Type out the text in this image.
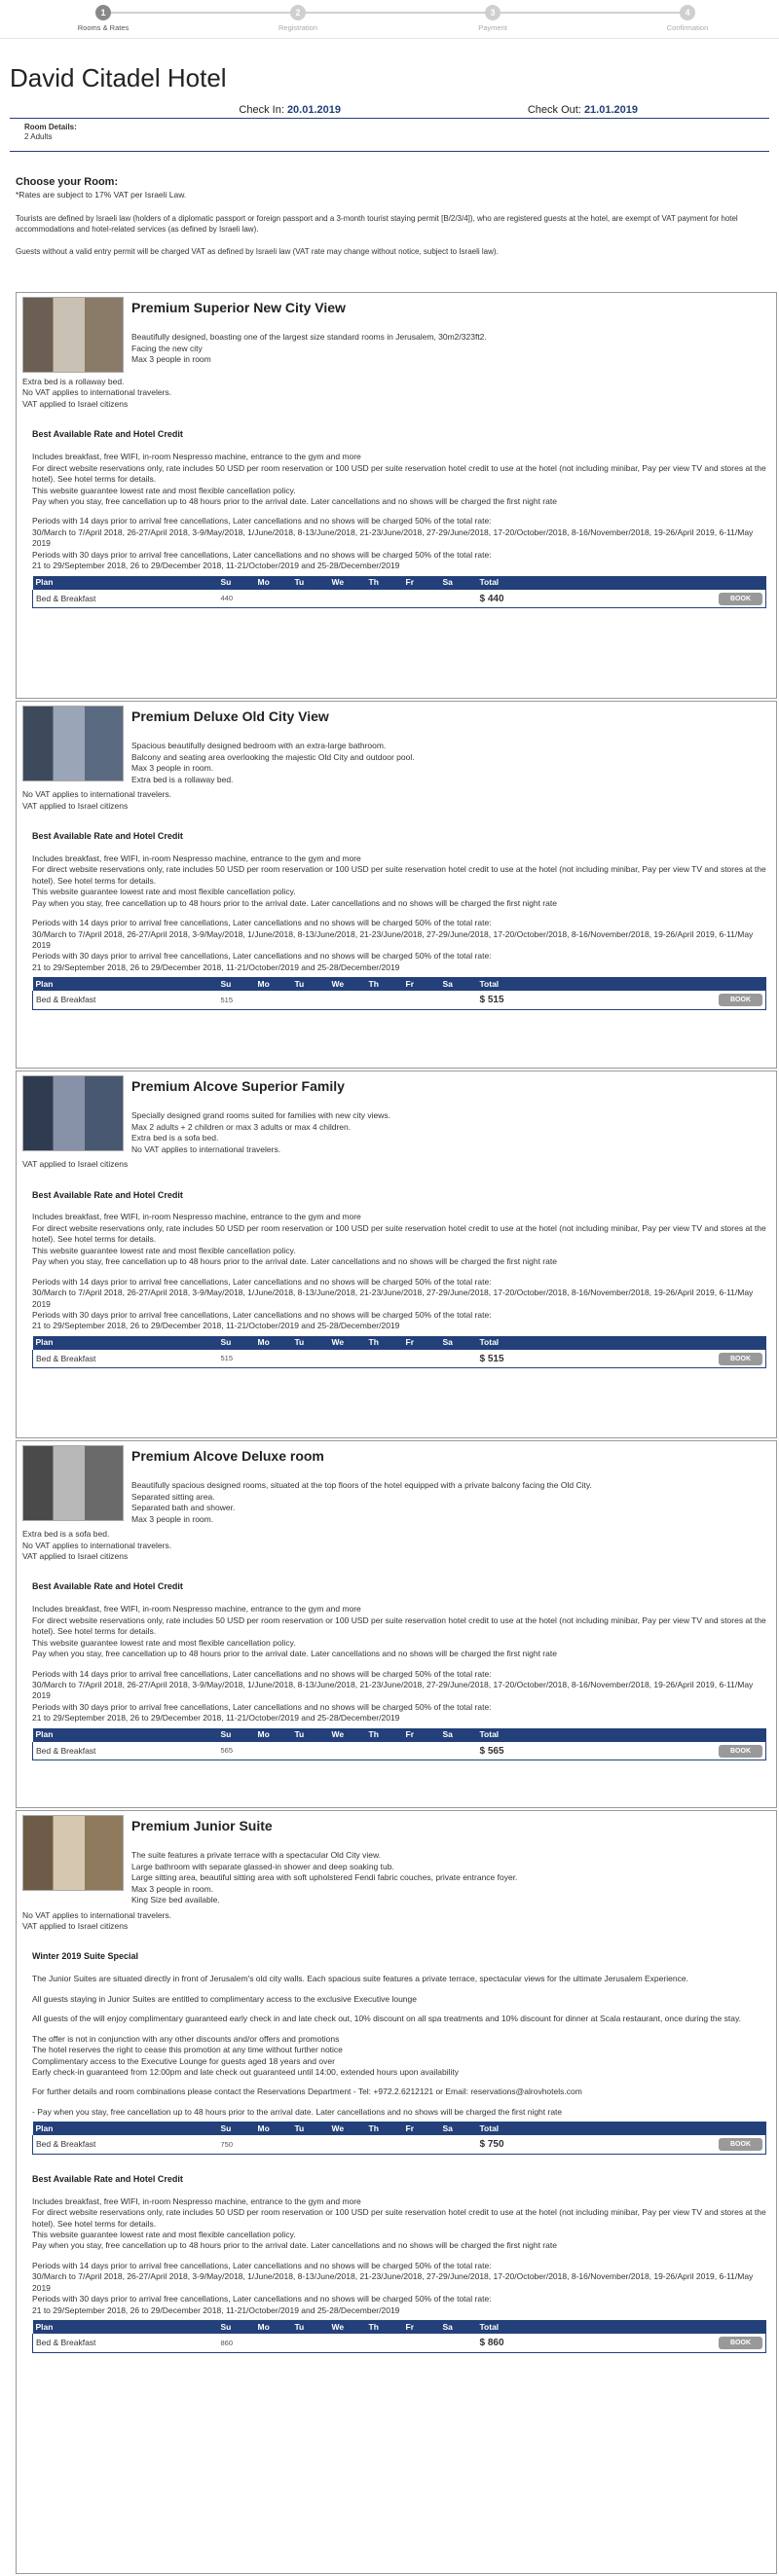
1
Rooms & Rates
2
Registration
3
Payment
4
Confirmation
David Citadel Hotel
Check In: 20.01.2019	Check Out: 21.01.2019
Room Details:
2 Adults
Choose your Room:
*Rates are subject to 17% VAT per Israeli Law.
Tourists are defined by Israeli law (holders of a diplomatic passport or foreign passport and a 3-month tourist staying permit [B/2/3/4]), who are registered guests at the hotel, are exempt of VAT payment for hotel accommodations and hotel-related services (as defined by Israeli law).
Guests without a valid entry permit will be charged VAT as defined by Israeli law (VAT rate may change without notice, subject to Israeli law).
Premium Superior New City View
Beautifully designed, boasting one of the largest size standard rooms in Jerusalem, 30m2/323ft2.
Facing the new city
Max 3 people in room
Extra bed is a rollaway bed.
No VAT applies to international travelers.
VAT applied to Israel citizens
Best Available Rate and Hotel Credit

Includes breakfast, free WIFI, in-room Nespresso machine, entrance to the gym and more

For direct website reservations only, rate includes 50 USD per room reservation or 100 USD per suite reservation hotel credit to use at the hotel (not including minibar, Pay per view TV and stores at the hotel). See hotel terms for details.

This website guarantee lowest rate and most flexible cancellation policy.

Pay when you stay, free cancellation up to 48 hours prior to the arrival date. Later cancellations and no shows will be charged the first night rate

Periods with 14 days prior to arrival free cancellations, Later cancellations and no shows will be charged 50% of the total rate:

30/March to 7/April 2018, 26-27/April 2018, 3-9/May/2018, 1/June/2018, 8-13/June/2018, 21-23/June/2018, 27-29/June/2018, 17-20/October/2018, 8-16/November/2018, 19-26/April 2019, 6-11/May 2019

Periods with 30 days prior to arrival free cancellations, Later cancellations and no shows will be charged 50% of the total rate:

21 to 29/September 2018, 26 to 29/December 2018, 11-21/October/2019 and 25-28/December/2019

Plan	Su	Mo	Tu	We	Th	Fr	Sa	Total	
Bed & Breakfast	440							$ 440	BOOK
Premium Deluxe Old City View
Spacious beautifully designed bedroom with an extra-large bathroom.
Balcony and seating area overlooking the majestic Old City and outdoor pool.
Max 3 people in room.
Extra bed is a rollaway bed.
No VAT applies to international travelers.
VAT applied to Israel citizens
Best Available Rate and Hotel Credit

Includes breakfast, free WIFI, in-room Nespresso machine, entrance to the gym and more

For direct website reservations only, rate includes 50 USD per room reservation or 100 USD per suite reservation hotel credit to use at the hotel (not including minibar, Pay per view TV and stores at the hotel). See hotel terms for details.

This website guarantee lowest rate and most flexible cancellation policy.

Pay when you stay, free cancellation up to 48 hours prior to the arrival date. Later cancellations and no shows will be charged the first night rate

Periods with 14 days prior to arrival free cancellations, Later cancellations and no shows will be charged 50% of the total rate:

30/March to 7/April 2018, 26-27/April 2018, 3-9/May/2018, 1/June/2018, 8-13/June/2018, 21-23/June/2018, 27-29/June/2018, 17-20/October/2018, 8-16/November/2018, 19-26/April 2019, 6-11/May 2019

Periods with 30 days prior to arrival free cancellations, Later cancellations and no shows will be charged 50% of the total rate:

21 to 29/September 2018, 26 to 29/December 2018, 11-21/October/2019 and 25-28/December/2019

Plan	Su	Mo	Tu	We	Th	Fr	Sa	Total	
Bed & Breakfast	515							$ 515	BOOK
Premium Alcove Superior Family
Specially designed grand rooms suited for families with new city views.
Max 2 adults + 2 children or max 3 adults or max 4 children.
Extra bed is a sofa bed.
No VAT applies to international travelers.
VAT applied to Israel citizens
Best Available Rate and Hotel Credit

Includes breakfast, free WIFI, in-room Nespresso machine, entrance to the gym and more

For direct website reservations only, rate includes 50 USD per room reservation or 100 USD per suite reservation hotel credit to use at the hotel (not including minibar, Pay per view TV and stores at the hotel). See hotel terms for details.

This website guarantee lowest rate and most flexible cancellation policy.

Pay when you stay, free cancellation up to 48 hours prior to the arrival date. Later cancellations and no shows will be charged the first night rate

Periods with 14 days prior to arrival free cancellations, Later cancellations and no shows will be charged 50% of the total rate:

30/March to 7/April 2018, 26-27/April 2018, 3-9/May/2018, 1/June/2018, 8-13/June/2018, 21-23/June/2018, 27-29/June/2018, 17-20/October/2018, 8-16/November/2018, 19-26/April 2019, 6-11/May 2019

Periods with 30 days prior to arrival free cancellations, Later cancellations and no shows will be charged 50% of the total rate:

21 to 29/September 2018, 26 to 29/December 2018, 11-21/October/2019 and 25-28/December/2019

Plan	Su	Mo	Tu	We	Th	Fr	Sa	Total	
Bed & Breakfast	515							$ 515	BOOK
Premium Alcove Deluxe room
Beautifully spacious designed rooms, situated at the top floors of the hotel equipped with a private balcony facing the Old City.
Separated sitting area.
Separated bath and shower.
Max 3 people in room.
Extra bed is a sofa bed.
No VAT applies to international travelers.
VAT applied to Israel citizens
Best Available Rate and Hotel Credit

Includes breakfast, free WIFI, in-room Nespresso machine, entrance to the gym and more

For direct website reservations only, rate includes 50 USD per room reservation or 100 USD per suite reservation hotel credit to use at the hotel (not including minibar, Pay per view TV and stores at the hotel). See hotel terms for details.

This website guarantee lowest rate and most flexible cancellation policy.

Pay when you stay, free cancellation up to 48 hours prior to the arrival date. Later cancellations and no shows will be charged the first night rate

Periods with 14 days prior to arrival free cancellations, Later cancellations and no shows will be charged 50% of the total rate:

30/March to 7/April 2018, 26-27/April 2018, 3-9/May/2018, 1/June/2018, 8-13/June/2018, 21-23/June/2018, 27-29/June/2018, 17-20/October/2018, 8-16/November/2018, 19-26/April 2019, 6-11/May 2019

Periods with 30 days prior to arrival free cancellations, Later cancellations and no shows will be charged 50% of the total rate:

21 to 29/September 2018, 26 to 29/December 2018, 11-21/October/2019 and 25-28/December/2019

Plan	Su	Mo	Tu	We	Th	Fr	Sa	Total	
Bed & Breakfast	565							$ 565	BOOK
Premium Junior Suite
The suite features a private terrace with a spectacular Old City view.
Large bathroom with separate glassed-in shower and deep soaking tub.
Large sitting area, beautiful sitting area with soft upholstered Fendi fabric couches, private entrance foyer.
Max 3 people in room.
King Size bed available.
No VAT applies to international travelers.
VAT applied to Israel citizens
Winter 2019 Suite Special

The Junior Suites are situated directly in front of Jerusalem's old city walls. Each spacious suite features a private terrace, spectacular views for the ultimate Jerusalem Experience.

All guests staying in Junior Suites are entitled to complimentary access to the exclusive Executive lounge

All guests of the will enjoy complimentary guaranteed early check in and late check out, 10% discount on all spa treatments and 10% discount for dinner at Scala restaurant, once during the stay.

The offer is not in conjunction with any other discounts and/or offers and promotions
The hotel reserves the right to cease this promotion at any time without further notice
Complimentary access to the Executive Lounge for guests aged 18 years and over
Early check-in guaranteed from 12:00pm and late check out guaranteed until 14:00, extended hours upon availability

For further details and room combinations please contact the Reservations Department - Tel: +972.2.6212121 or Email: reservations@alrovhotels.com

- Pay when you stay, free cancellation up to 48 hours prior to the arrival date. Later cancellations and no shows will be charged the first night rate

Plan	Su	Mo	Tu	We	Th	Fr	Sa	Total	
Bed & Breakfast	750							$ 750	BOOK
Best Available Rate and Hotel Credit

Includes breakfast, free WIFI, in-room Nespresso machine, entrance to the gym and more

For direct website reservations only, rate includes 50 USD per room reservation or 100 USD per suite reservation hotel credit to use at the hotel (not including minibar, Pay per view TV and stores at the hotel). See hotel terms for details.

This website guarantee lowest rate and most flexible cancellation policy.

Pay when you stay, free cancellation up to 48 hours prior to the arrival date. Later cancellations and no shows will be charged the first night rate

Periods with 14 days prior to arrival free cancellations, Later cancellations and no shows will be charged 50% of the total rate:

30/March to 7/April 2018, 26-27/April 2018, 3-9/May/2018, 1/June/2018, 8-13/June/2018, 21-23/June/2018, 27-29/June/2018, 17-20/October/2018, 8-16/November/2018, 19-26/April 2019, 6-11/May 2019

Periods with 30 days prior to arrival free cancellations, Later cancellations and no shows will be charged 50% of the total rate:

21 to 29/September 2018, 26 to 29/December 2018, 11-21/October/2019 and 25-28/December/2019

Plan	Su	Mo	Tu	We	Th	Fr	Sa	Total	
Bed & Breakfast	860							$ 860	BOOK
